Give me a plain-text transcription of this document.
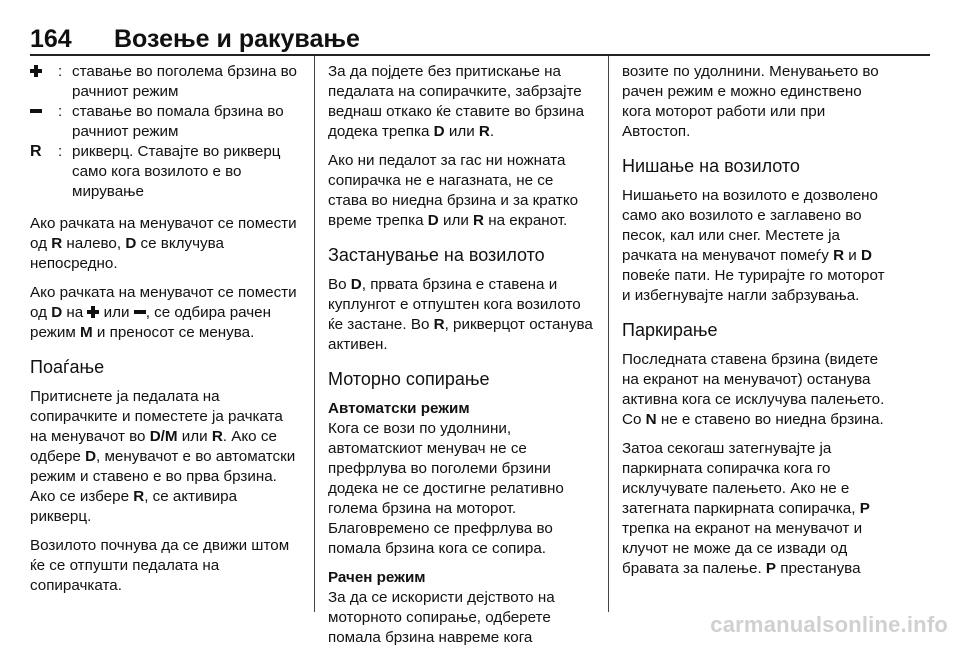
164	Возење и ракување
: ставање во поголема брзина во рачниот режим
: ставање во помала брзина во рачниот режим
R	: рикверц. Ставајте во рикверц само кога возилото е во мирување

Ако рачката на менувачот се помести од R налево, D се вклучува непосредно.

Ако рачката на менувачот се помести од D на  или , се одбира рачен режим M и преносот се менува.

Поаѓање

Притиснете ја педалата на сопирачките и поместете ја рачката на менувачот во D/M или R. Ако се одбере D, менувачот е во автоматски режим и ставено е во прва брзина. Ако се избере R, се активира рикверц.

Возилото почнува да се движи штом ќе се отпушти педалата на сопирачката.

За да појдете без притискање на педалата на сопирачките, забрзајте веднаш откако ќе ставите во брзина додека трепка D или R.

Ако ни педалот за гас ни ножната сопирачка не е нагазната, не се става во ниедна брзина и за кратко време трепка D или R на екранот.

Застанување на возилото

Во D, првата брзина е ставена и куплунгот е отпуштен кога возилото ќе застане. Во R, рикверцот останува активен.

Моторно сопирање
Автоматски режим

Кога се вози по удолнини, автоматскиот менувач не се префрлува во поголеми брзини додека не се достигне релативно голема брзина на моторот. Благовремено се префрлува во помала брзина кога се сопира.

Рачен режим

За да се искористи дејството на моторното сопирање, одберете помала брзина навреме кога

возите по удолнини. Менувањето во рачен режим е можно единствено кога моторот работи или при Автостоп.

Нишање на возилото

Нишањето на возилото е дозволено само ако возилото е заглавено во песок, кал или снег. Местете ја рачката на менувачот помеѓу R и D повеќе пати. Не турирајте го моторот и избегнувајте нагли забрзувања.

Паркирање

Последната ставена брзина (видете на екранот на менувачот) останува активна кога се исклучува палењето. Со N не е ставено во ниедна брзина.

Затоа секогаш затегнувајте ја паркирната сопирачка кога го исклучувате палењето. Ако не е затегната паркирната сопирачка, P трепка на екранот на менувачот и клучот не може да се извади од бравата за палење. P престанува

carmanualsonline.info
